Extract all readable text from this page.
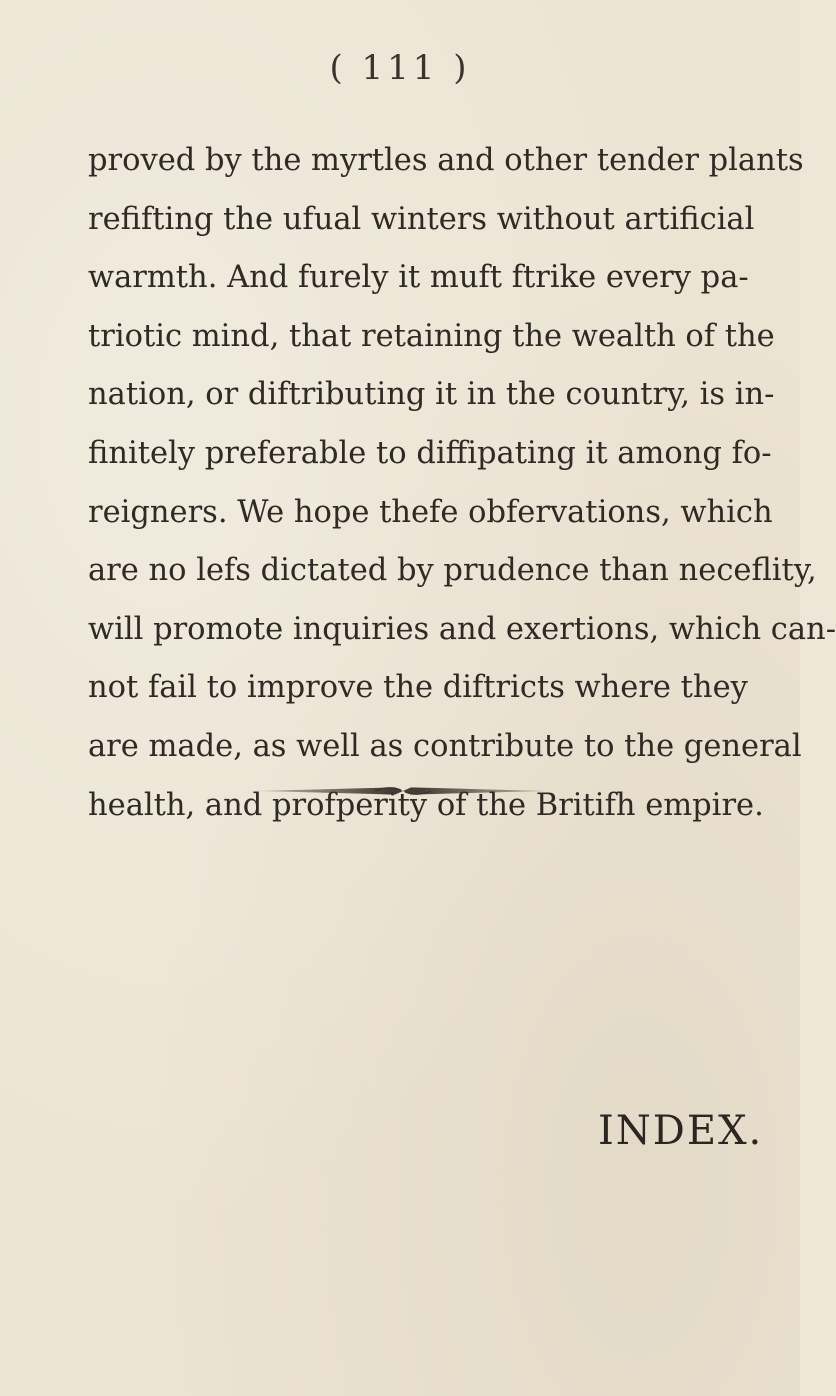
( 111 )
proved by the myrtles and other tender plants
refifting the ufual winters without artificial
warmth. And furely it muft ftrike every pa-
triotic mind, that retaining the wealth of the
nation, or diftributing it in the country, is in-
finitely preferable to diffipating it among fo-
reigners. We hope thefe obfervations, which
are no lefs dictated by prudence than neceflity,
will promote inquiries and exertions, which can-
not fail to improve the diftricts where they
are made, as well as contribute to the general
health, and profperity of the Britifh empire.
INDEX.
